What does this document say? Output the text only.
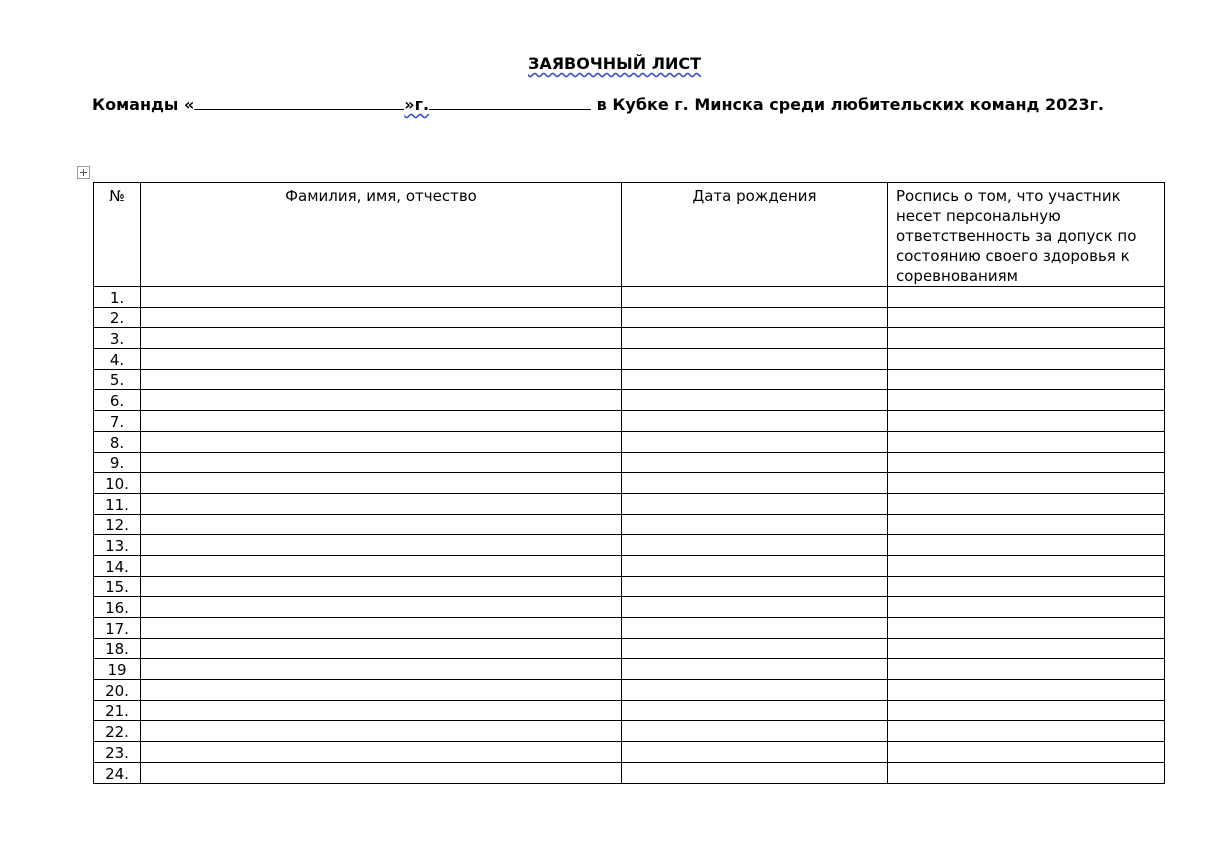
ЗАЯВОЧНЫЙ ЛИСТ
Команды «	»г.	в Кубке г. Минска среди любительских команд 2023г.
№	Фамилия, имя, отчество	Дата рождения	Роспись о том, что участник несет персональную ответственность за допуск по состоянию своего здоровья к соревнованиям
1.			
2.			
3.			
4.			
5.			
6.			
7.			
8.			
9.			
10.			
11.			
12.			
13.			
14.			
15.			
16.			
17.			
18.			
19			
20.			
21.			
22.			
23.			
24.			
